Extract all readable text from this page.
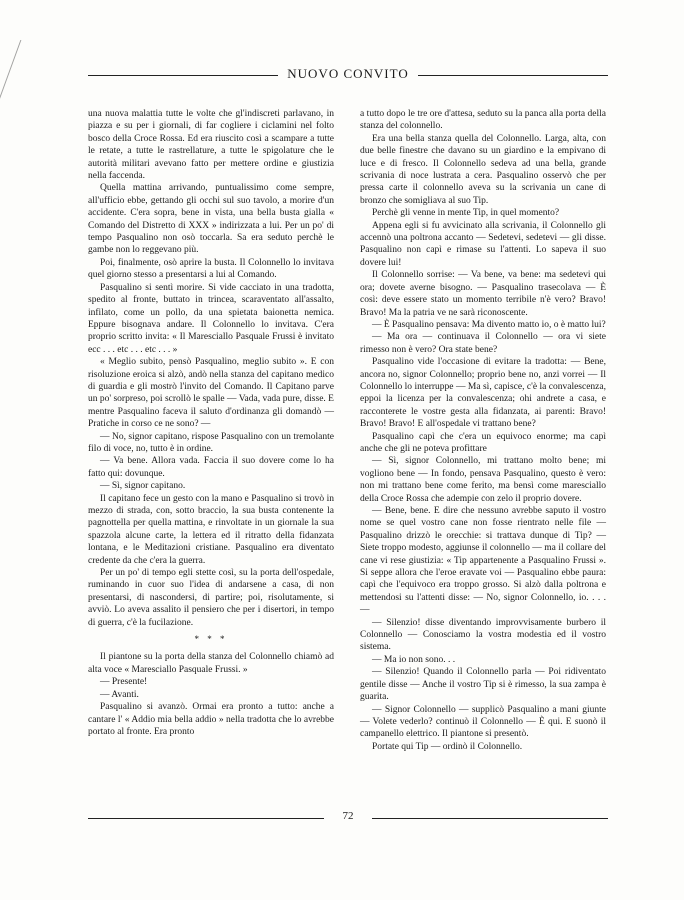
NUOVO CONVITO

una nuova malattia tutte le volte che gl'indiscreti parlavano, in piazza e su per i giornali, di far cogliere i ciclamini nel folto bosco della Croce Rossa. Ed era riuscito così a scampare a tutte le retate, a tutte le rastrellature, a tutte le spigolature che le autorità militari avevano fatto per mettere ordine e giustizia nella faccenda.

Quella mattina arrivando, puntualissimo come sempre, all'ufficio ebbe, gettando gli occhi sul suo tavolo, a morire d'un accidente. C'era sopra, bene in vista, una bella busta gialla « Comando del Distretto di XXX » indirizzata a lui. Per un po' di tempo Pasqualino non osò toccarla. Sa era seduto perchè le gambe non lo reggevano più.

Poi, finalmente, osò aprire la busta. Il Colonnello lo invitava quel giorno stesso a presentarsi a lui al Comando.

Pasqualino si sentì morire. Si vide cacciato in una tradotta, spedito al fronte, buttato in trincea, scaraventato all'assalto, infilato, come un pollo, da una spietata baionetta nemica. Eppure bisognava andare. Il Colonnello lo invitava. C'era proprio scritto invita: « Il Maresciallo Pasquale Frussi è invitato ecc . . . etc . . . etc . . . »

« Meglio subito, pensò Pasqualino, meglio subito ». E con risoluzione eroica si alzò, andò nella stanza del capitano medico di guardia e gli mostrò l'invito del Comando. Il Capitano parve un po' sorpreso, poi scrollò le spalle — Vada, vada pure, disse. E mentre Pasqualino faceva il saluto d'ordinanza gli domandò — Pratiche in corso ce ne sono? —

— No, signor capitano, rispose Pasqualino con un tremolante filo di voce, no, tutto è in ordine.

— Va bene. Allora vada. Faccia il suo dovere come lo ha fatto qui: dovunque.

— Sì, signor capitano.

Il capitano fece un gesto con la mano e Pasqualino si trovò in mezzo di strada, con, sotto braccio, la sua busta contenente la pagnottella per quella mattina, e rinvoltate in un giornale la sua spazzola alcune carte, la lettera ed il ritratto della fidanzata lontana, e le Meditazioni cristiane. Pasqualino era diventato credente da che c'era la guerra.

Per un po' di tempo egli stette così, su la porta dell'ospedale, ruminando in cuor suo l'idea di andarsene a casa, di non presentarsi, di nascondersi, di partire; poi, risolutamente, si avviò. Lo aveva assalito il pensiero che per i disertori, in tempo di guerra, c'è la fucilazione.

* * *

Il piantone su la porta della stanza del Colonnello chiamò ad alta voce « Maresciallo Pasquale Frussi. »

— Presente!

— Avanti.

Pasqualino si avanzò. Ormai era pronto a tutto: anche a cantare l' « Addio mia bella addio » nella tradotta che lo avrebbe portato al fronte. Era pronto

a tutto dopo le tre ore d'attesa, seduto su la panca alla porta della stanza del colonnello.

Era una bella stanza quella del Colonnello. Larga, alta, con due belle finestre che davano su un giardino e la empivano di luce e di fresco. Il Colonnello sedeva ad una bella, grande scrivania di noce lustrata a cera. Pasqualino osservò che per pressa carte il colonnello aveva su la scrivania un cane di bronzo che somigliava al suo Tip.

Perchè gli venne in mente Tip, in quel momento?

Appena egli si fu avvicinato alla scrivania, il Colonnello gli accennò una poltrona accanto — Sedetevi, sedetevi — gli disse. Pasqualino non capì e rimase su l'attenti. Lo sapeva il suo dovere lui!

Il Colonnello sorrise: — Va bene, va bene: ma sedetevi qui ora; dovete averne bisogno. — Pasqualino trasecolava — È così: deve essere stato un momento terribile n'è vero? Bravo! Bravo! Ma la patria ve ne sarà riconoscente.

— È Pasqualino pensava: Ma divento matto io, o è matto lui?

— Ma ora — continuava il Colonnello — ora vi siete rimesso non è vero? Ora state bene?

Pasqualino vide l'occasione di evitare la tradotta: — Bene, ancora no, signor Colonnello; proprio bene no, anzi vorrei — Il Colonnello lo interruppe — Ma sì, capisce, c'è la convalescenza, eppoi la licenza per la convalescenza; ohi andrete a casa, e racconterete le vostre gesta alla fidanzata, ai parenti: Bravo! Bravo! Bravo! E all'ospedale vi trattano bene?

Pasqualino capì che c'era un equivoco enorme; ma capì anche che gli ne poteva profittare

— Sì, signor Colonnello, mi trattano molto bene; mi vogliono bene — In fondo, pensava Pasqualino, questo è vero: non mi trattano bene come ferito, ma bensì come maresciallo della Croce Rossa che adempie con zelo il proprio dovere.

— Bene, bene. E dire che nessuno avrebbe saputo il vostro nome se quel vostro cane non fosse rientrato nelle file — Pasqualino drizzò le orecchie: si trattava dunque di Tip? — Siete troppo modesto, aggiunse il colonnello — ma il collare del cane vi rese giustizia: « Tip appartenente a Pasqualino Frussi ». Si seppe allora che l'eroe eravate voi — Pasqualino ebbe paura: capì che l'equivoco era troppo grosso. Si alzò dalla poltrona e mettendosi su l'attenti disse: — No, signor Colonnello, io. . . . —

— Silenzio! disse diventando improvvisamente burbero il Colonnello — Conosciamo la vostra modestia ed il vostro sistema.

— Ma io non sono. . .

— Silenzio! Quando il Colonnello parla — Poi ridiventato gentile disse — Anche il vostro Tip si è rimesso, la sua zampa è guarita.

— Signor Colonnello — supplicò Pasqualino a mani giunte — Volete vederlo? continuò il Colonnello — È qui. E suonò il campanello elettrico. Il piantone si presentò.

Portate qui Tip — ordinò il Colonnello.

72
